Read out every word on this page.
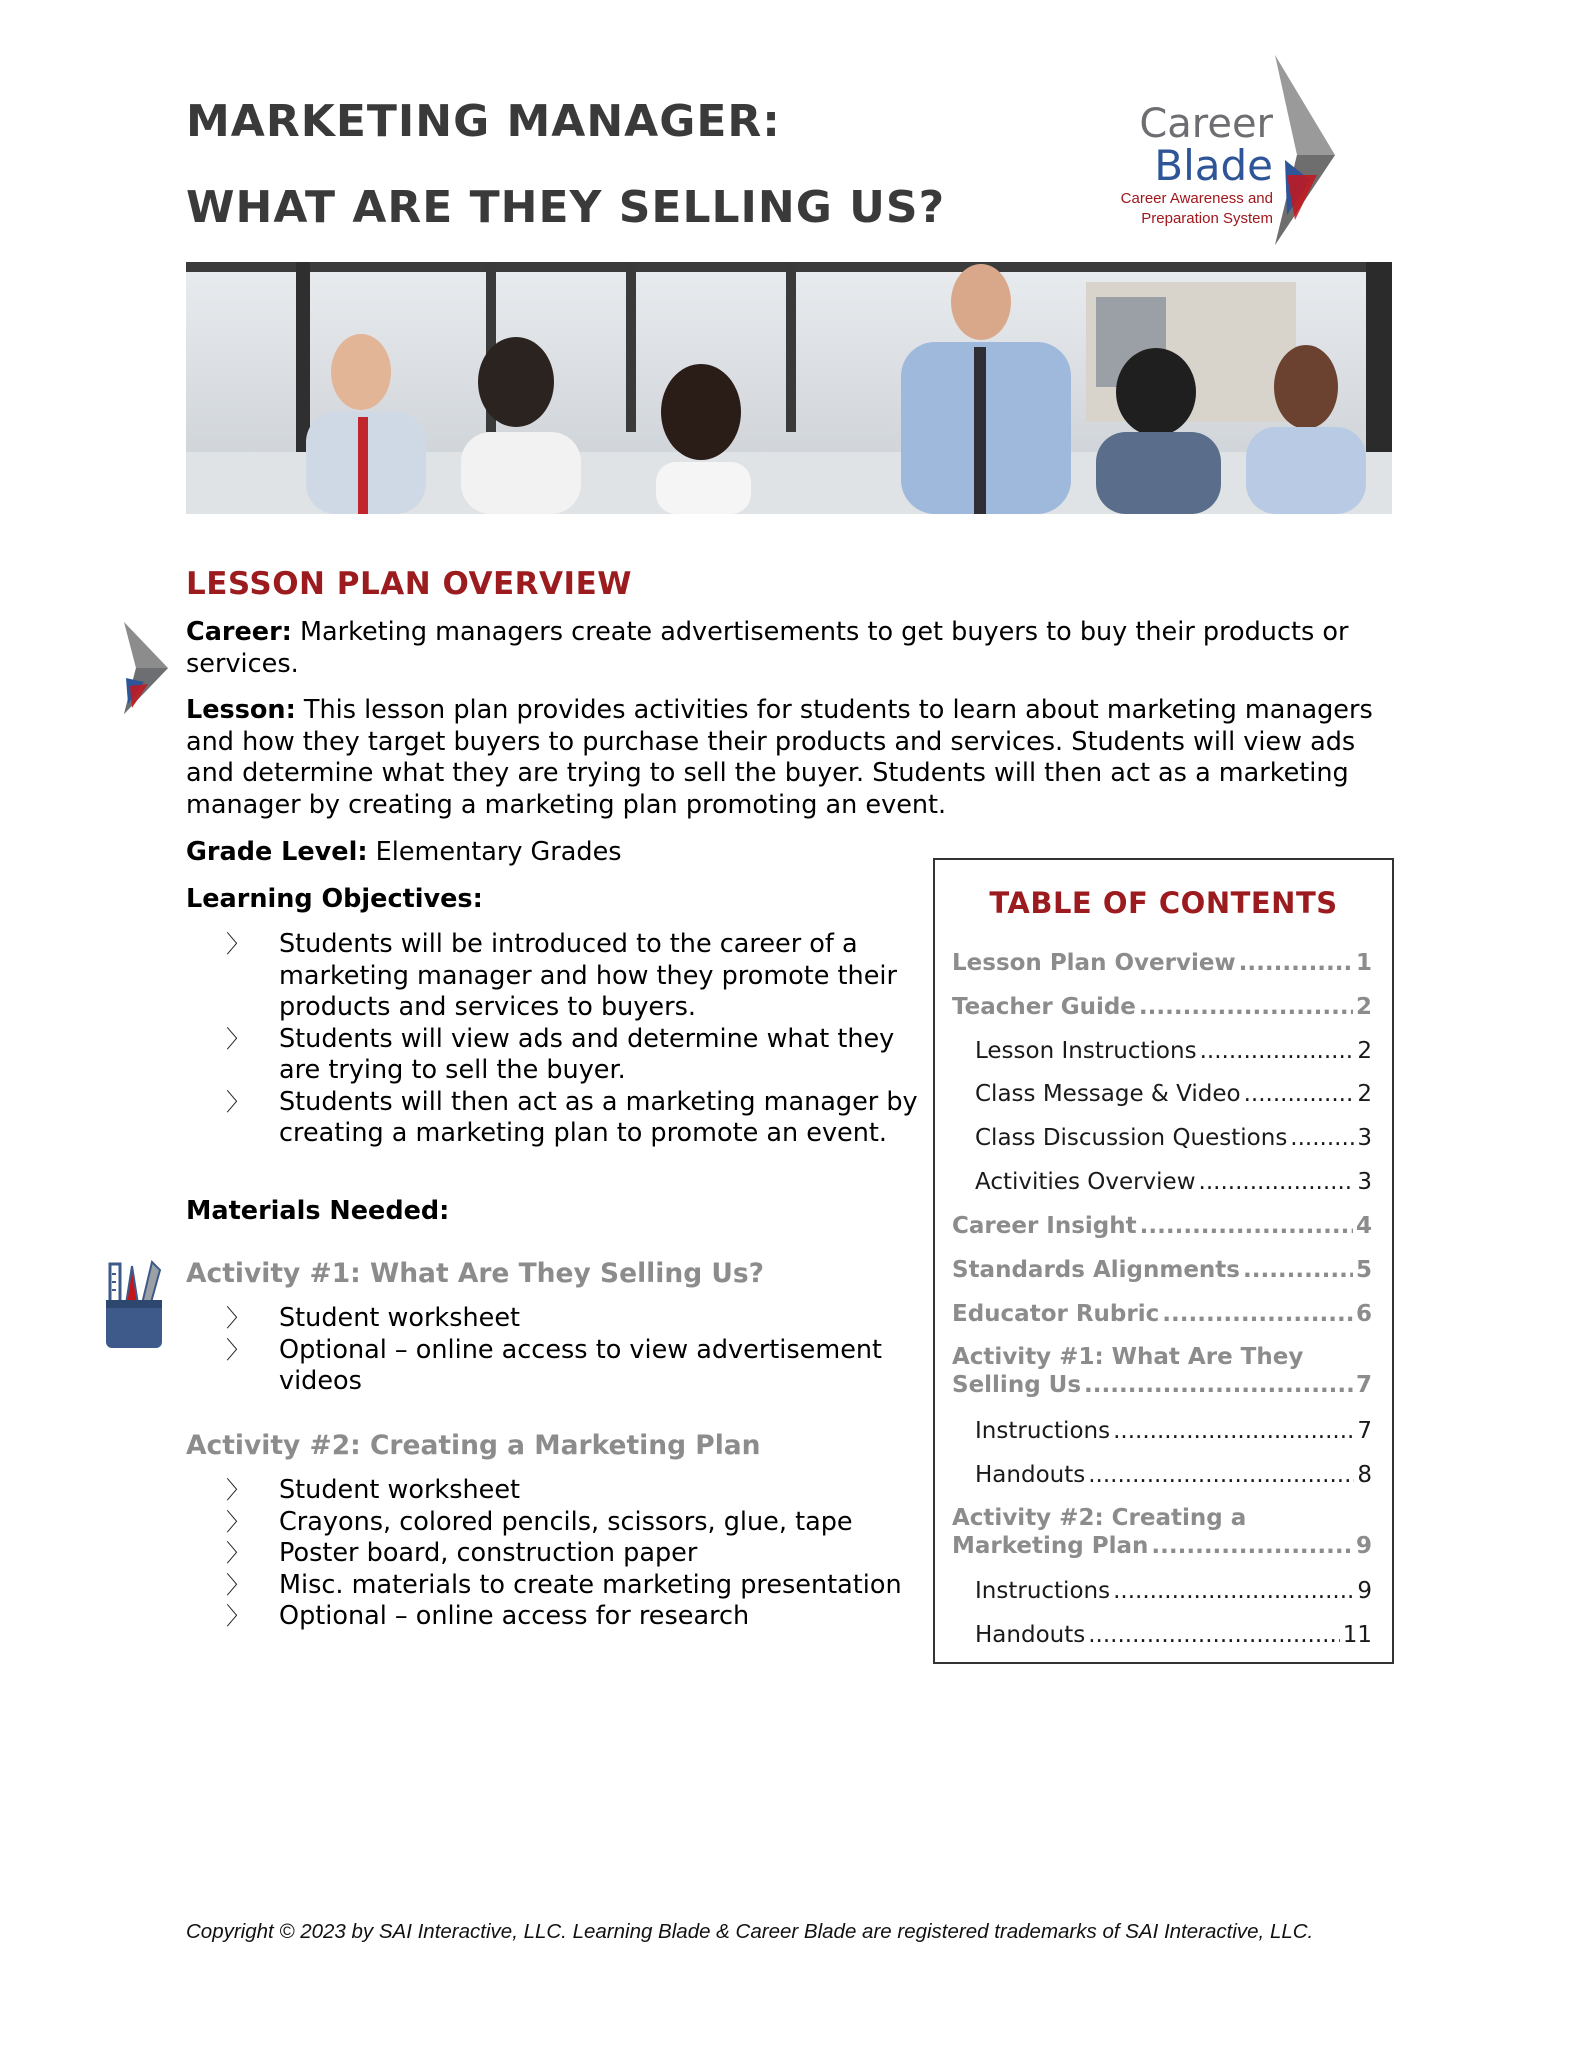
MARKETING MANAGER:
WHAT ARE THEY SELLING US?
Career
Blade
Career Awareness and
Preparation System
LESSON PLAN OVERVIEW

Career: Marketing managers create advertisements to get buyers to buy their products or services.

Lesson: This lesson plan provides activities for students to learn about marketing managers and how they target buyers to purchase their products and services. Students will view ads and determine what they are trying to sell the buyer. Students will then act as a marketing manager by creating a marketing plan promoting an event.

Grade Level: Elementary Grades

Learning Objectives:

〉 Students will be introduced to the career of a marketing manager and how they promote their products and services to buyers.
〉 Students will view ads and determine what they are trying to sell the buyer.
〉 Students will then act as a marketing manager by creating a marketing plan to promote an event.

Materials Needed:

Activity #1: What Are They Selling Us?
〉 Student worksheet
〉 Optional – online access to view advertisement videos
Activity #2: Creating a Marketing Plan
〉 Student worksheet
〉 Crayons, colored pencils, scissors, glue, tape
〉 Poster board, construction paper
〉 Misc. materials to create marketing presentation
〉 Optional – online access for research
TABLE OF CONTENTS
Lesson Plan Overview .....	1
Teacher Guide .....	2
Lesson Instructions .....	2
Class Message & Video .....	2
Class Discussion Questions .....	3
Activities Overview .....	3
Career Insight .....	4
Standards Alignments .....	5
Educator Rubric .....	6
Activity #1: What Are They
Selling Us .....	7
Instructions .....	7
Handouts .....	8
Activity #2: Creating a
Marketing Plan .....	9
Instructions .....	9
Handouts .....	11

Copyright © 2023 by SAI Interactive, LLC. Learning Blade & Career Blade are registered trademarks of SAI Interactive, LLC.
